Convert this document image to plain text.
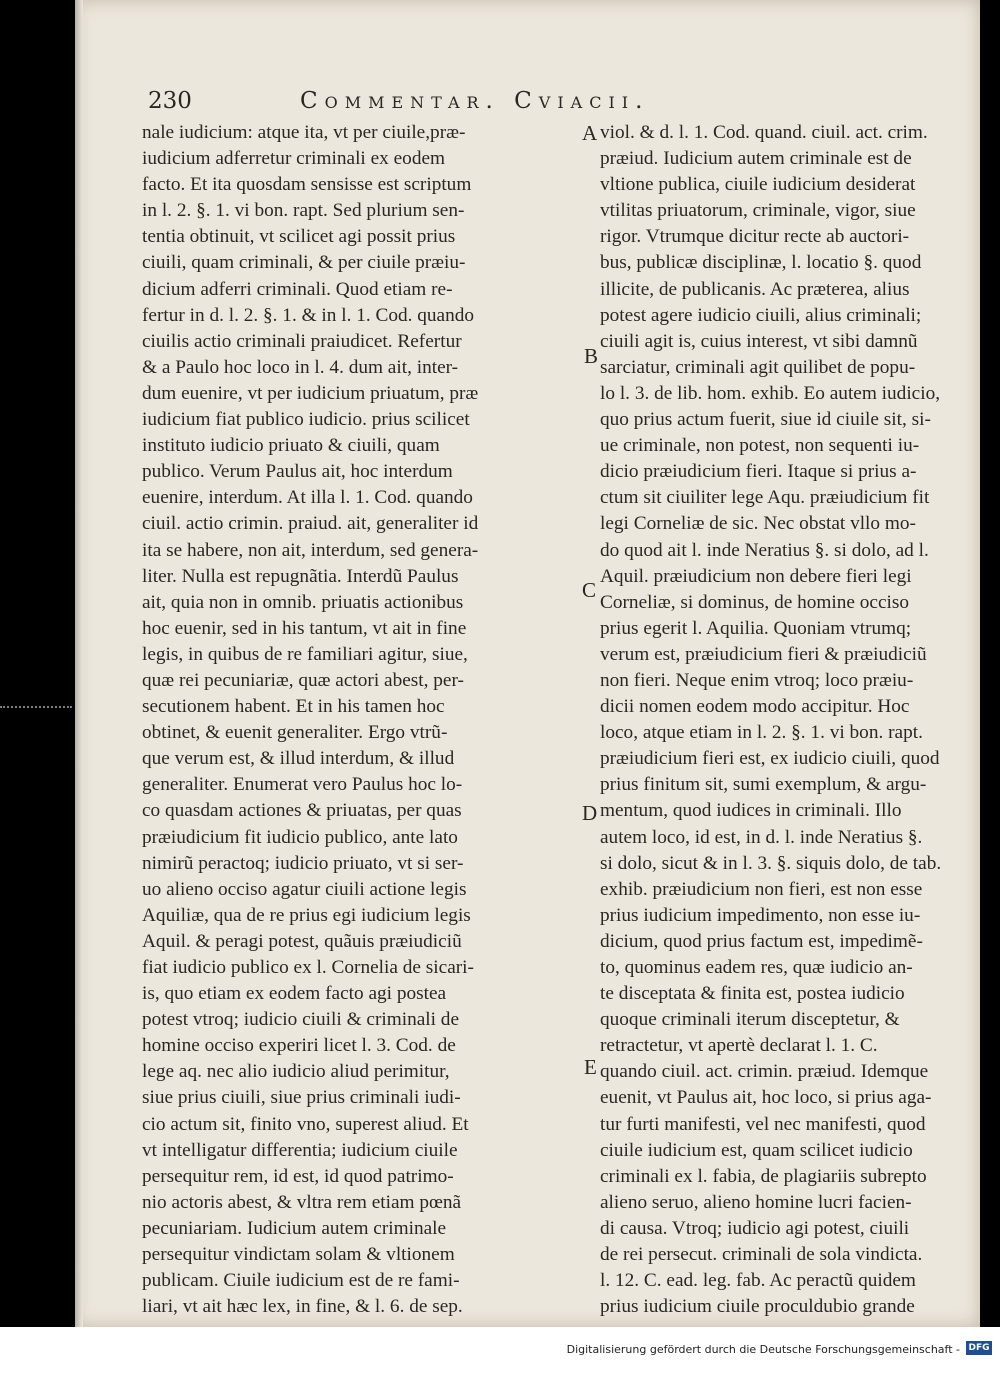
230	Commentar. Cviacii.
nale iudicium: atque ita, vt per ciuile,præ-
iudicium adferretur criminali ex eodem
facto. Et ita quosdam sensisse est scriptum
in l. 2. §. 1. vi bon. rapt. Sed plurium sen-
tentia obtinuit, vt scilicet agi possit prius
ciuili, quam criminali, & per ciuile præiu-
dicium adferri criminali. Quod etiam re-
fertur in d. l. 2. §. 1. & in l. 1. Cod. quando
ciuilis actio criminali praiudicet. Refertur
& a Paulo hoc loco in l. 4. dum ait, inter-
dum euenire, vt per iudicium priuatum, præ
iudicium fiat publico iudicio. prius scilicet
instituto iudicio priuato & ciuili, quam
publico. Verum Paulus ait, hoc interdum
euenire, interdum. At illa l. 1. Cod. quando
ciuil. actio crimin. praiud. ait, generaliter id
ita se habere, non ait, interdum, sed genera-
liter. Nulla est repugnãtia. Interdũ Paulus
ait, quia non in omnib. priuatis actionibus
hoc euenir, sed in his tantum, vt ait in fine
legis, in quibus de re familiari agitur, siue,
quæ rei pecuniariæ, quæ actori abest, per-
secutionem habent. Et in his tamen hoc
obtinet, & euenit generaliter. Ergo vtrũ-
que verum est, & illud interdum, & illud
generaliter. Enumerat vero Paulus hoc lo-
co quasdam actiones & priuatas, per quas
præiudicium fit iudicio publico, ante lato
nimirũ peractoq; iudicio priuato, vt si ser-
uo alieno occiso agatur ciuili actione legis
Aquiliæ, qua de re prius egi iudicium legis
Aquil. & peragi potest, quãuis præiudiciũ
fiat iudicio publico ex l. Cornelia de sicari-
is, quo etiam ex eodem facto agi postea
potest vtroq; iudicio ciuili & criminali de
homine occiso experiri licet l. 3. Cod. de
lege aq. nec alio iudicio aliud perimitur,
siue prius ciuili, siue prius criminali iudi-
cio actum sit, finito vno, superest aliud. Et
vt intelligatur differentia; iudicium ciuile
persequitur rem, id est, id quod patrimo-
nio actoris abest, & vltra rem etiam pœnã
pecuniariam. Iudicium autem criminale
persequitur vindictam solam & vltionem
publicam. Ciuile iudicium est de re fami-
liari, vt ait hæc lex, in fine, & l. 6. de sep.
A
B
C
D
E
viol. & d. l. 1. Cod. quand. ciuil. act. crim.
præiud. Iudicium autem criminale est de
vltione publica, ciuile iudicium desiderat
vtilitas priuatorum, criminale, vigor, siue
rigor. Vtrumque dicitur recte ab auctori-
bus, publicæ disciplinæ, l. locatio §. quod
illicite, de publicanis. Ac præterea, alius
potest agere iudicio ciuili, alius criminali;
ciuili agit is, cuius interest, vt sibi damnũ
sarciatur, criminali agit quilibet de popu-
lo l. 3. de lib. hom. exhib. Eo autem iudicio,
quo prius actum fuerit, siue id ciuile sit, si-
ue criminale, non potest, non sequenti iu-
dicio præiudicium fieri. Itaque si prius a-
ctum sit ciuiliter lege Aqu. præiudicium fit
legi Corneliæ de sic. Nec obstat vllo mo-
do quod ait l. inde Neratius §. si dolo, ad l.
Aquil. præiudicium non debere fieri legi
Corneliæ, si dominus, de homine occiso
prius egerit l. Aquilia. Quoniam vtrumq;
verum est, præiudicium fieri & præiudiciũ
non fieri. Neque enim vtroq; loco præiu-
dicii nomen eodem modo accipitur. Hoc
loco, atque etiam in l. 2. §. 1. vi bon. rapt.
præiudicium fieri est, ex iudicio ciuili, quod
prius finitum sit, sumi exemplum, & argu-
mentum, quod iudices in criminali. Illo
autem loco, id est, in d. l. inde Neratius §.
si dolo, sicut & in l. 3. §. siquis dolo, de tab.
exhib. præiudicium non fieri, est non esse
prius iudicium impedimento, non esse iu-
dicium, quod prius factum est, impedimẽ-
to, quominus eadem res, quæ iudicio an-
te disceptata & finita est, postea iudicio
quoque criminali iterum disceptetur, &
retractetur, vt apertè declarat l. 1. C.
quando ciuil. act. crimin. præiud. Idemque
euenit, vt Paulus ait, hoc loco, si prius aga-
tur furti manifesti, vel nec manifesti, quod
ciuile iudicium est, quam scilicet iudicio
criminali ex l. fabia, de plagiariis subrepto
alieno seruo, alieno homine lucri facien-
di causa. Vtroq; iudicio agi potest, ciuili
de rei persecut. criminali de sola vindicta.
l. 12. C. ead. leg. fab. Ac peractũ quidem
prius iudicium ciuile proculdubio grande
Digitalisierung gefördert durch die Deutsche Forschungsgemeinschaft - DFG
